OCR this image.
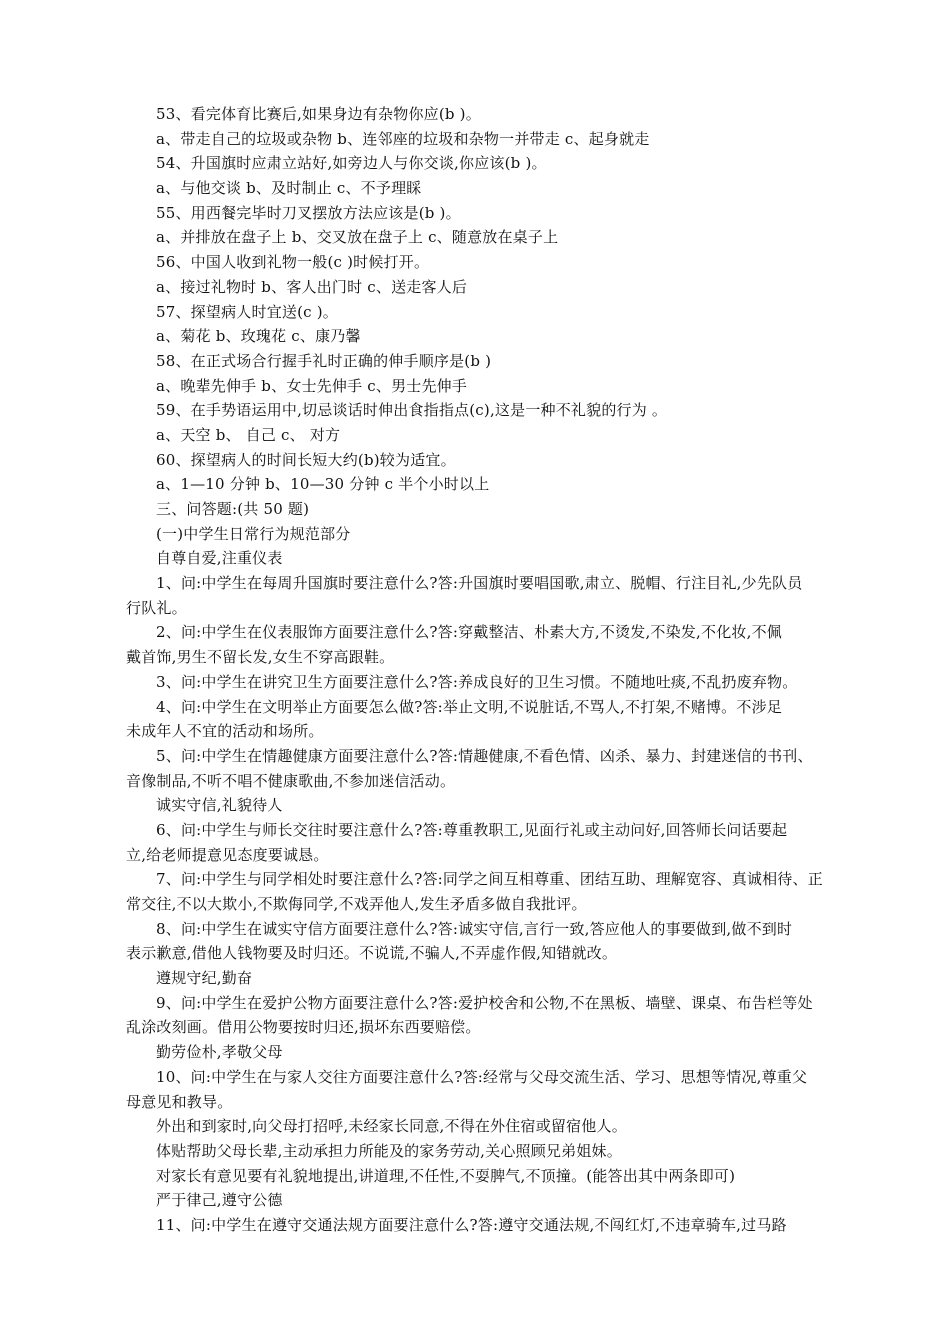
53、看完体育比赛后,如果身边有杂物你应(b )。
a、带走自己的垃圾或杂物 b、连邻座的垃圾和杂物一并带走 c、起身就走
54、升国旗时应肃立站好,如旁边人与你交谈,你应该(b )。
a、与他交谈 b、及时制止 c、不予理睬
55、用西餐完毕时刀叉摆放方法应该是(b )。
a、并排放在盘子上 b、交叉放在盘子上 c、随意放在桌子上
56、中国人收到礼物一般(c )时候打开。
a、接过礼物时 b、客人出门时 c、送走客人后
57、探望病人时宜送(c )。
a、菊花 b、玫瑰花 c、康乃馨
58、在正式场合行握手礼时正确的伸手顺序是(b )
a、晚辈先伸手 b、女士先伸手 c、男士先伸手
59、在手势语运用中,切忌谈话时伸出食指指点(c),这是一种不礼貌的行为 。
a、天空 b、 自己 c、 对方
60、探望病人的时间长短大约(b)较为适宜。
a、1—10 分钟 b、10—30 分钟 c 半个小时以上
三、问答题:(共 50 题)
(一)中学生日常行为规范部分
自尊自爱,注重仪表
1、问:中学生在每周升国旗时要注意什么?答:升国旗时要唱国歌,肃立、脱帽、行注目礼,少先队员
行队礼。
2、问:中学生在仪表服饰方面要注意什么?答:穿戴整洁、朴素大方,不烫发,不染发,不化妆,不佩
戴首饰,男生不留长发,女生不穿高跟鞋。
3、问:中学生在讲究卫生方面要注意什么?答:养成良好的卫生习惯。不随地吐痰,不乱扔废弃物。
4、问:中学生在文明举止方面要怎么做?答:举止文明,不说脏话,不骂人,不打架,不赌博。不涉足
未成年人不宜的活动和场所。
5、问:中学生在情趣健康方面要注意什么?答:情趣健康,不看色情、凶杀、暴力、封建迷信的书刊、
音像制品,不听不唱不健康歌曲,不参加迷信活动。
诚实守信,礼貌待人
6、问:中学生与师长交往时要注意什么?答:尊重教职工,见面行礼或主动问好,回答师长问话要起
立,给老师提意见态度要诚恳。
7、问:中学生与同学相处时要注意什么?答:同学之间互相尊重、团结互助、理解宽容、真诚相待、正
常交往,不以大欺小,不欺侮同学,不戏弄他人,发生矛盾多做自我批评。
8、问:中学生在诚实守信方面要注意什么?答:诚实守信,言行一致,答应他人的事要做到,做不到时
表示歉意,借他人钱物要及时归还。不说谎,不骗人,不弄虚作假,知错就改。
遵规守纪,勤奋
9、问:中学生在爱护公物方面要注意什么?答:爱护校舍和公物,不在黑板、墙壁、课桌、布告栏等处
乱涂改刻画。借用公物要按时归还,损坏东西要赔偿。
勤劳俭朴,孝敬父母
10、问:中学生在与家人交往方面要注意什么?答:经常与父母交流生活、学习、思想等情况,尊重父
母意见和教导。
外出和到家时,向父母打招呼,未经家长同意,不得在外住宿或留宿他人。
体贴帮助父母长辈,主动承担力所能及的家务劳动,关心照顾兄弟姐妹。
对家长有意见要有礼貌地提出,讲道理,不任性,不耍脾气,不顶撞。(能答出其中两条即可)
严于律己,遵守公德
11、问:中学生在遵守交通法规方面要注意什么?答:遵守交通法规,不闯红灯,不违章骑车,过马路
